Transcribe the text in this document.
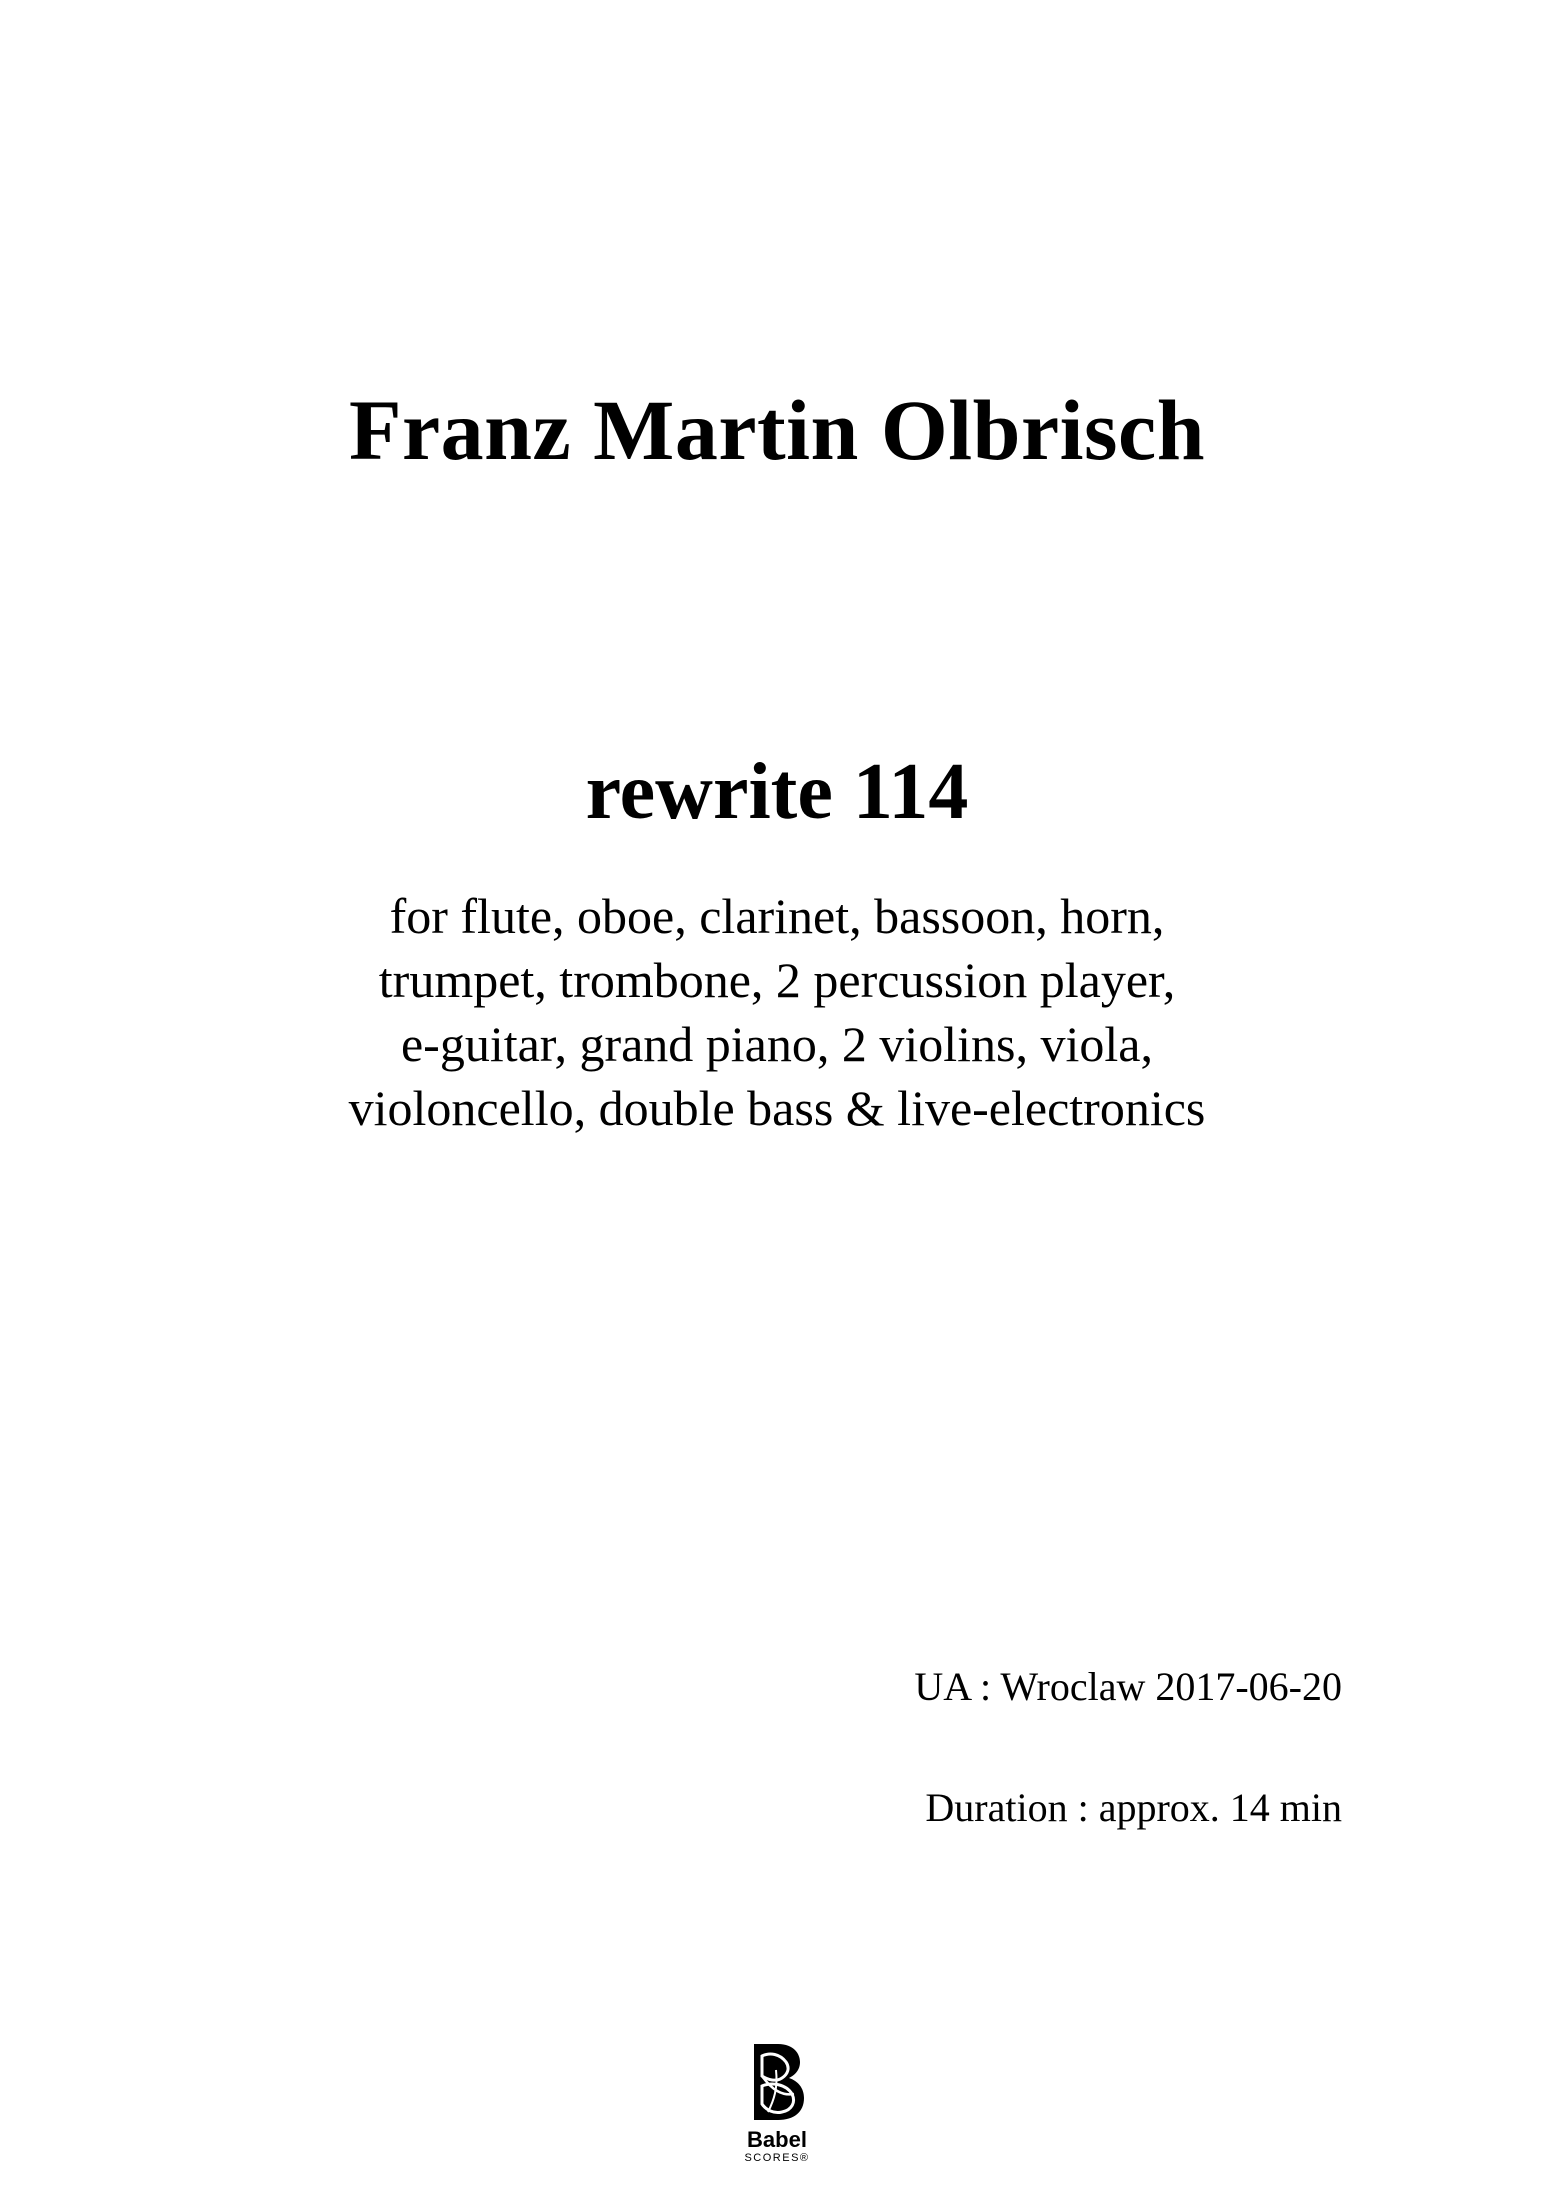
Franz Martin Olbrisch
rewrite 114
for flute, oboe, clarinet, bassoon, horn,
trumpet, trombone, 2 percussion player,
e-guitar, grand piano, 2 violins, viola,
violoncello, double bass & live-electronics
UA : Wroclaw 2017-06-20
Duration : approx. 14 min
Babel
SCORES®
